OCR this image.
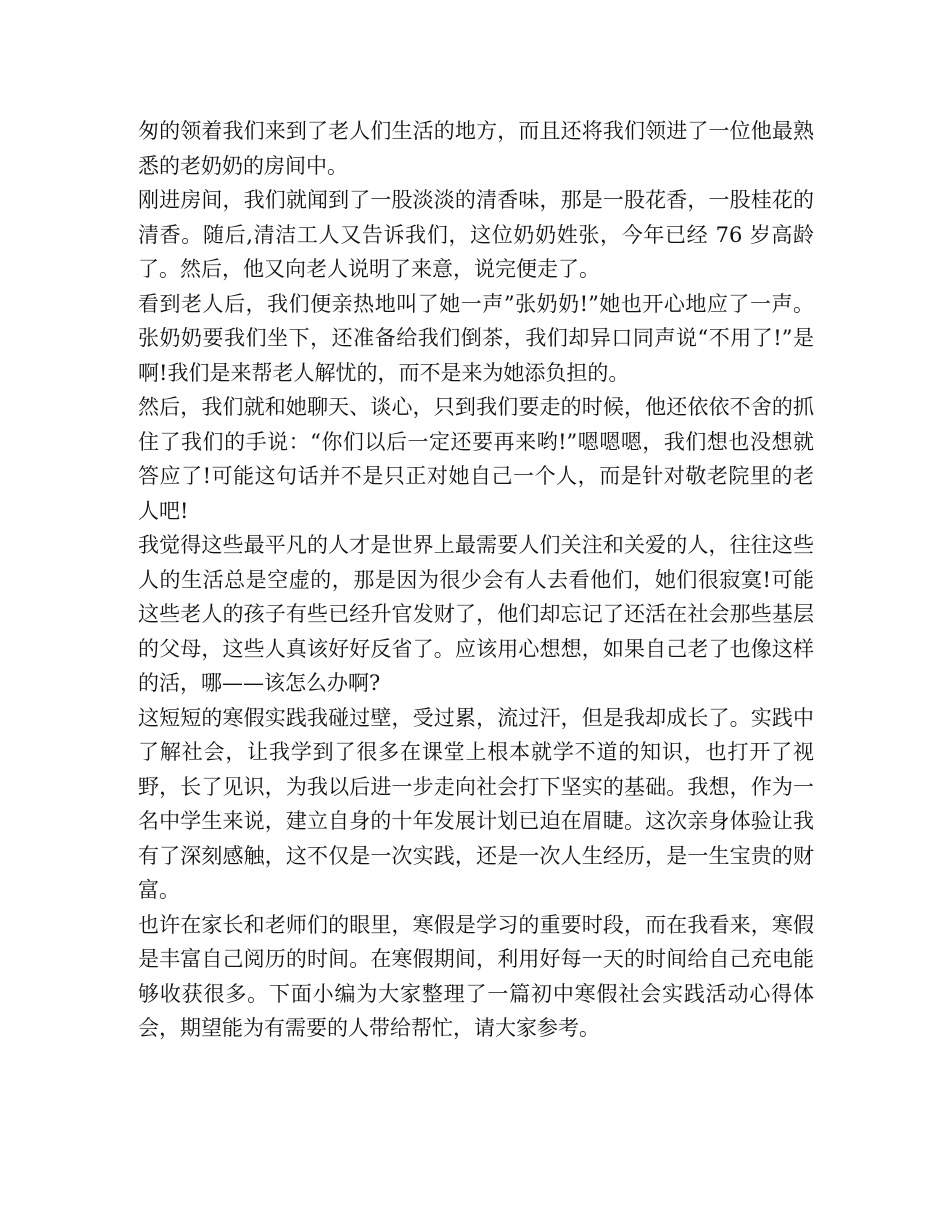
匆的领着我们来到了老人们生活的地方，而且还将我们领进了一位他最熟悉的老奶奶的房间中。

刚进房间，我们就闻到了一股淡淡的清香味，那是一股花香，一股桂花的清香。随后,清洁工人又告诉我们，这位奶奶姓张，今年已经 76 岁高龄了。然后，他又向老人说明了来意，说完便走了。

看到老人后，我们便亲热地叫了她一声”张奶奶!”她也开心地应了一声。张奶奶要我们坐下，还准备给我们倒茶，我们却异口同声说“不用了!”是啊!我们是来帮老人解忧的，而不是来为她添负担的。

然后，我们就和她聊天、谈心，只到我们要走的时候，他还依依不舍的抓住了我们的手说：“你们以后一定还要再来哟!”嗯嗯嗯，我们想也没想就答应了!可能这句话并不是只正对她自己一个人，而是针对敬老院里的老人吧!

我觉得这些最平凡的人才是世界上最需要人们关注和关爱的人，往往这些人的生活总是空虚的，那是因为很少会有人去看他们，她们很寂寞!可能这些老人的孩子有些已经升官发财了，他们却忘记了还活在社会那些基层的父母，这些人真该好好反省了。应该用心想想，如果自己老了也像这样的活，哪——该怎么办啊?

这短短的寒假实践我碰过壁，受过累，流过汗，但是我却成长了。实践中了解社会，让我学到了很多在课堂上根本就学不道的知识，也打开了视野，长了见识，为我以后进一步走向社会打下坚实的基础。我想，作为一名中学生来说，建立自身的十年发展计划已迫在眉睫。这次亲身体验让我有了深刻感触，这不仅是一次实践，还是一次人生经历，是一生宝贵的财富。

也许在家长和老师们的眼里，寒假是学习的重要时段，而在我看来，寒假是丰富自己阅历的时间。在寒假期间，利用好每一天的时间给自己充电能够收获很多。下面小编为大家整理了一篇初中寒假社会实践活动心得体会，期望能为有需要的人带给帮忙，请大家参考。
